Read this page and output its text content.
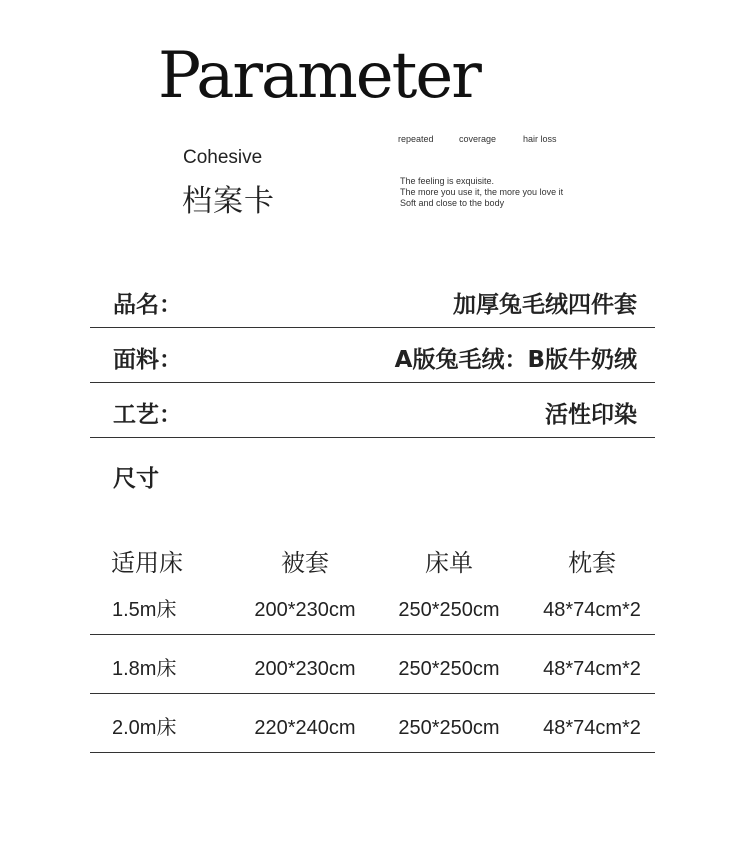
Parameter
Cohesive
档案卡
repeated	coverage	hair loss
The feeling is exquisite.
The more you use it, the more you love it
Soft and close to the body
品名：	加厚兔毛绒四件套
面料：	A版兔毛绒：B版牛奶绒
工艺：	活性印染
尺寸
适用床	被套	床单	枕套
1.5m床	200*230cm	250*250cm	48*74cm*2
1.8m床	200*230cm	250*250cm	48*74cm*2
2.0m床	220*240cm	250*250cm	48*74cm*2
